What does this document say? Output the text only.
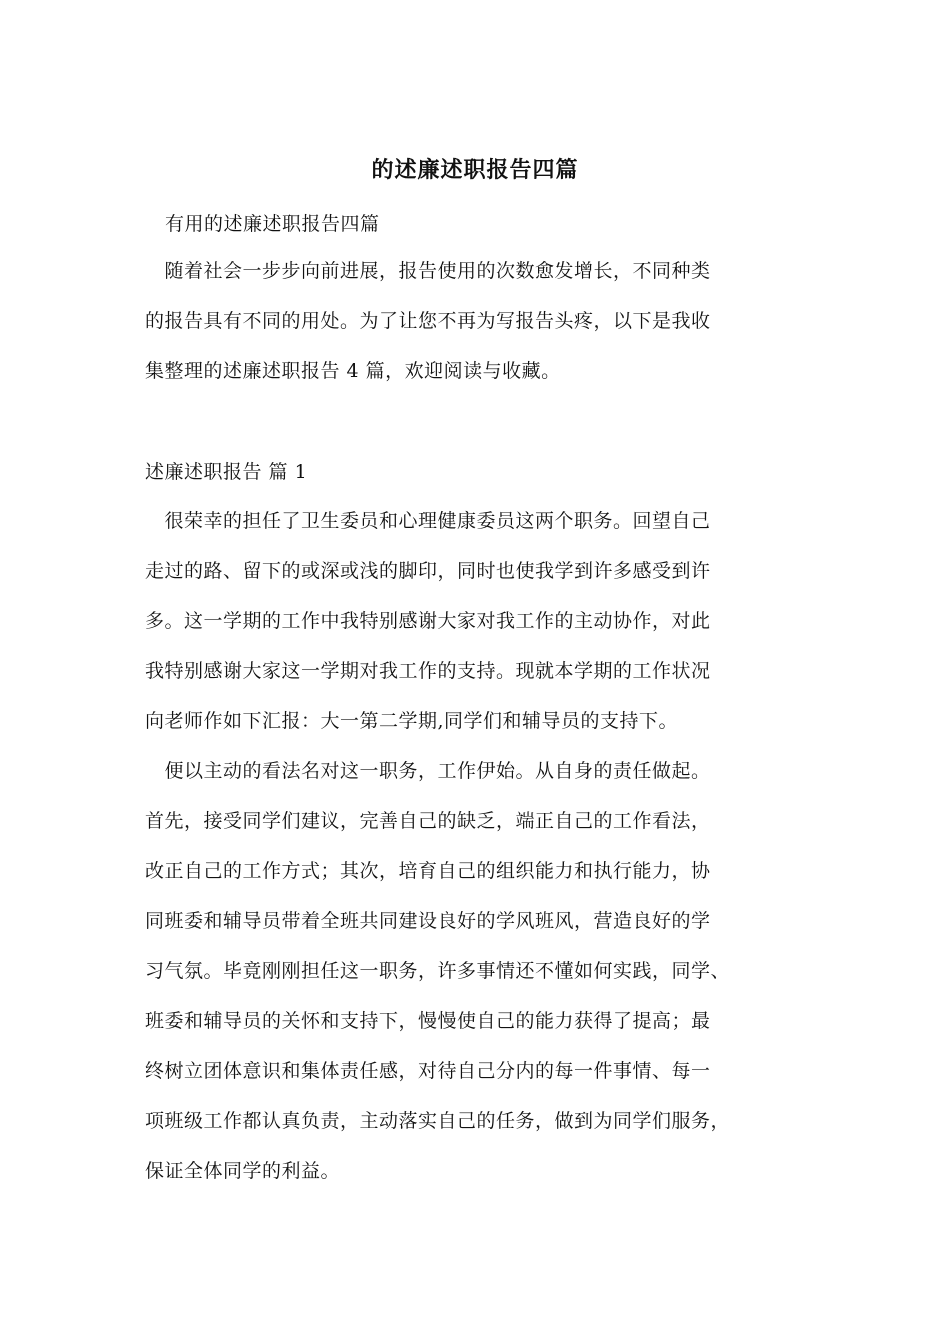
的述廉述职报告四篇
有用的述廉述职报告四篇
　随着社会一步步向前进展，报告使用的次数愈发增长，不同种类
的报告具有不同的用处。为了让您不再为写报告头疼，以下是我收
集整理的述廉述职报告 4 篇，欢迎阅读与收藏。
述廉述职报告 篇 1
　很荣幸的担任了卫生委员和心理健康委员这两个职务。回望自己
走过的路、留下的或深或浅的脚印，同时也使我学到许多感受到许
多。这一学期的工作中我特别感谢大家对我工作的主动协作，对此
我特别感谢大家这一学期对我工作的支持。现就本学期的工作状况
向老师作如下汇报：大一第二学期,同学们和辅导员的支持下。
　便以主动的看法名对这一职务，工作伊始。从自身的责任做起。
首先，接受同学们建议，完善自己的缺乏，端正自己的工作看法，
改正自己的工作方式；其次，培育自己的组织能力和执行能力，协
同班委和辅导员带着全班共同建设良好的学风班风，营造良好的学
习气氛。毕竟刚刚担任这一职务，许多事情还不懂如何实践，同学、
班委和辅导员的关怀和支持下，慢慢使自己的能力获得了提高；最
终树立团体意识和集体责任感，对待自己分内的每一件事情、每一
项班级工作都认真负责，主动落实自己的任务，做到为同学们服务，
保证全体同学的利益。
